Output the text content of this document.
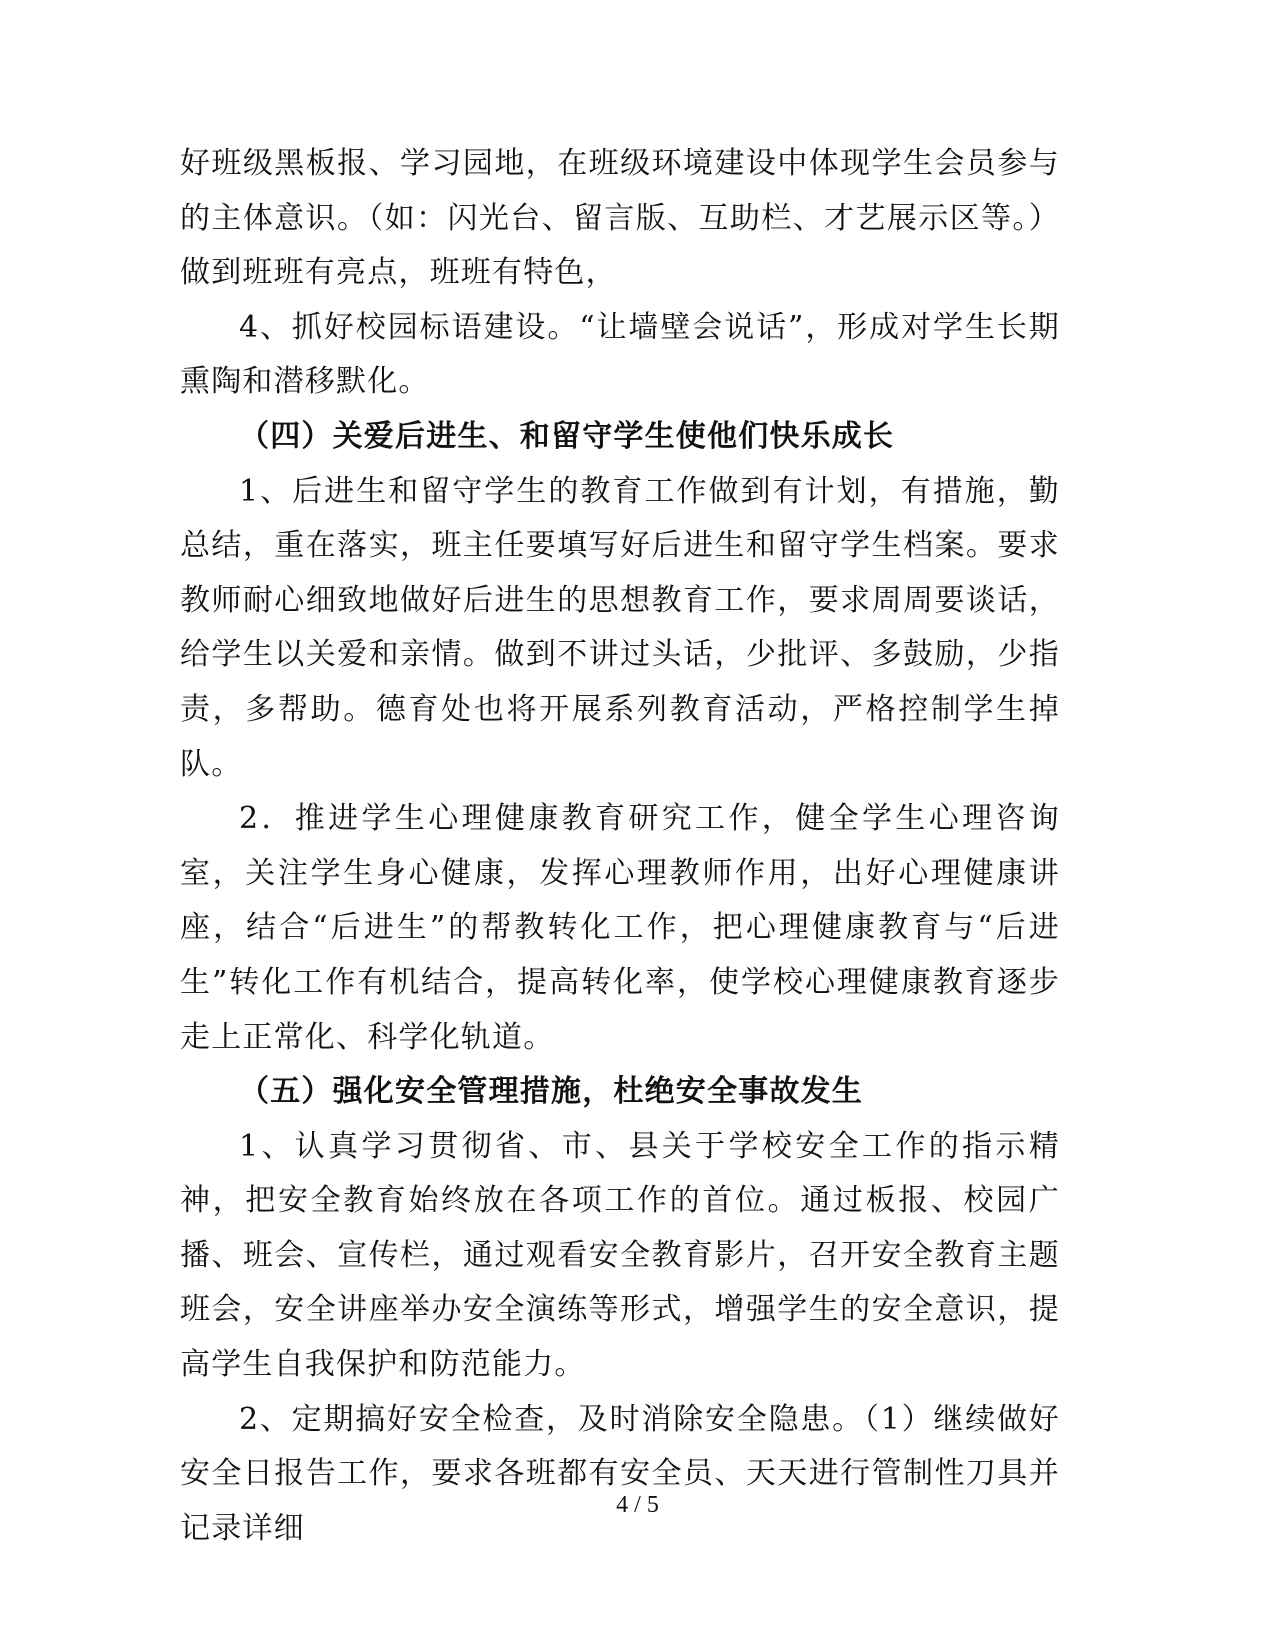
好班级黑板报、学习园地，在班级环境建设中体现学生会员参与的主体意识。（如：闪光台、留言版、互助栏、才艺展示区等。）做到班班有亮点，班班有特色，

4、抓好校园标语建设。“让墙壁会说话”，形成对学生长期熏陶和潜移默化。

（四）关爱后进生、和留守学生使他们快乐成长

1、后进生和留守学生的教育工作做到有计划，有措施，勤总结，重在落实，班主任要填写好后进生和留守学生档案。要求教师耐心细致地做好后进生的思想教育工作，要求周周要谈话，给学生以关爱和亲情。做到不讲过头话，少批评、多鼓励，少指责，多帮助。德育处也将开展系列教育活动，严格控制学生掉队。

2．推进学生心理健康教育研究工作，健全学生心理咨询室，关注学生身心健康，发挥心理教师作用，出好心理健康讲座，结合“后进生”的帮教转化工作，把心理健康教育与“后进生”转化工作有机结合，提高转化率，使学校心理健康教育逐步走上正常化、科学化轨道。

（五）强化安全管理措施，杜绝安全事故发生

1、认真学习贯彻省、市、县关于学校安全工作的指示精神，把安全教育始终放在各项工作的首位。通过板报、校园广播、班会、宣传栏，通过观看安全教育影片，召开安全教育主题班会，安全讲座举办安全演练等形式，增强学生的安全意识，提高学生自我保护和防范能力。

2、定期搞好安全检查，及时消除安全隐患。（1）继续做好安全日报告工作，要求各班都有安全员、天天进行管制性刀具并记录详细

4 / 5
